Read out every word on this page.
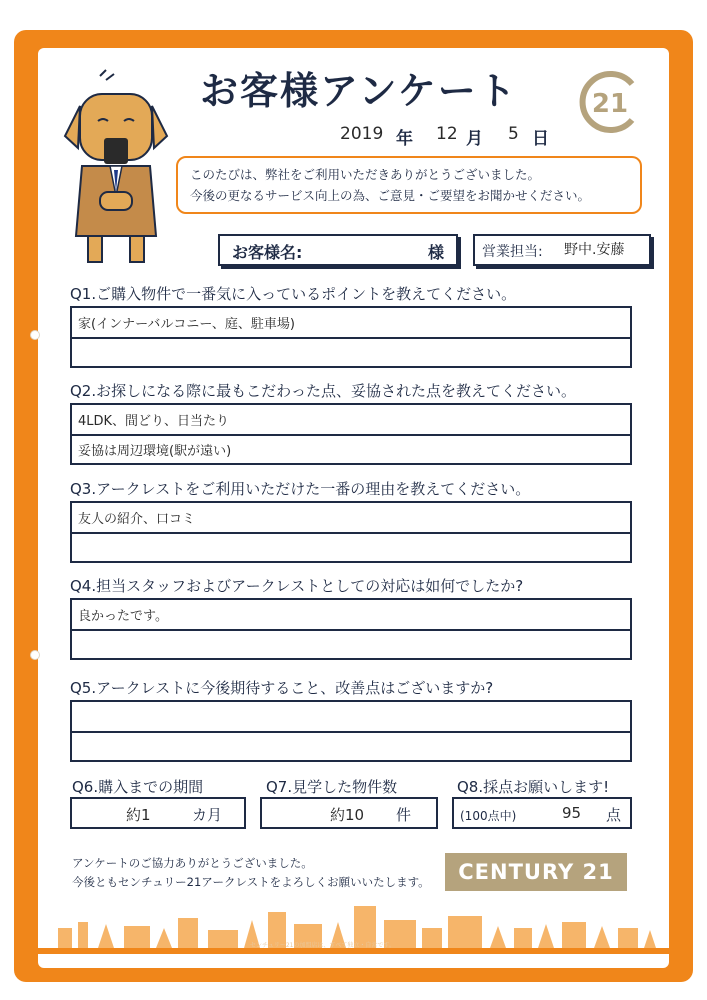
お客様アンケート	21
2019 年 12 月 5 日
このたびは、弊社をご利用いただきありがとうございました。
今後の更なるサービス向上の為、ご意見・ご要望をお聞かせください。
お客様名:	様	営業担当: 野中.安藤
Q1.ご購入物件で一番気に入っているポイントを教えてください。
家(インナーバルコニー、庭、駐車場)
Q2.お探しになる際に最もこだわった点、妥協された点を教えてください。
4LDK、間どり、日当たり
妥協は周辺環境(駅が遠い)
Q3.アークレストをご利用いただけた一番の理由を教えてください。
友人の紹介、口コミ
Q4.担当スタッフおよびアークレストとしての対応は如何でしたか?
良かったです。
Q5.アークレストに今後期待すること、改善点はございますか?
Q6.購入までの期間
約1	カ月
Q7.見学した物件数
約10 件
Q8.採点お願いします!
(100点中)	95 点
アンケートのご協力ありがとうございました。
今後ともセンチュリー21アークレストをよろしくお願いいたします。	CENTURY 21
センチュリー21の加盟店は、すべて独立・自営です。
